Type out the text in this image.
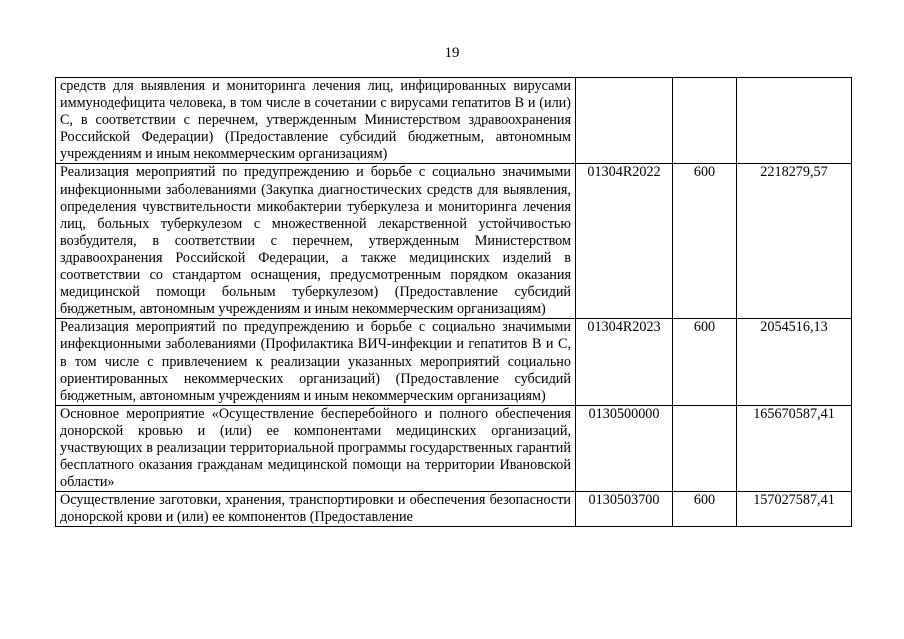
19
средств для выявления и мониторинга лечения лиц, инфицированных вирусами иммунодефицита человека, в том числе в сочетании с вирусами гепатитов B и (или) C, в соответствии с перечнем, утвержденным Министерством здравоохранения Российской Федерации) (Предоставление субсидий бюджетным, автономным учреждениям и иным некоммерческим организациям)			
Реализация мероприятий по предупреждению и борьбе с социально значимыми инфекционными заболеваниями (Закупка диагностических средств для выявления, определения чувствительности микобактерии туберкулеза и мониторинга лечения лиц, больных туберкулезом с множественной лекарственной устойчивостью возбудителя, в соответствии с перечнем, утвержденным Министерством здравоохранения Российской Федерации, а также медицинских изделий в соответствии со стандартом оснащения, предусмотренным порядком оказания медицинской помощи больным туберкулезом) (Предоставление субсидий бюджетным, автономным учреждениям и иным некоммерческим организациям)	01304R2022	600	2218279,57
Реализация мероприятий по предупреждению и борьбе с социально значимыми инфекционными заболеваниями (Профилактика ВИЧ-инфекции и гепатитов B и C, в том числе с привлечением к реализации указанных мероприятий социально ориентированных некоммерческих организаций) (Предоставление субсидий бюджетным, автономным учреждениям и иным некоммерческим организациям)	01304R2023	600	2054516,13
Основное мероприятие «Осуществление бесперебойного и полного обеспечения донорской кровью и (или) ее компонентами медицинских организаций, участвующих в реализации территориальной программы государственных гарантий бесплатного оказания гражданам медицинской помощи на территории Ивановской области»	0130500000		165670587,41
Осуществление заготовки, хранения, транспортировки и обеспечения безопасности донорской крови и (или) ее компонентов (Предоставление	0130503700	600	157027587,41
